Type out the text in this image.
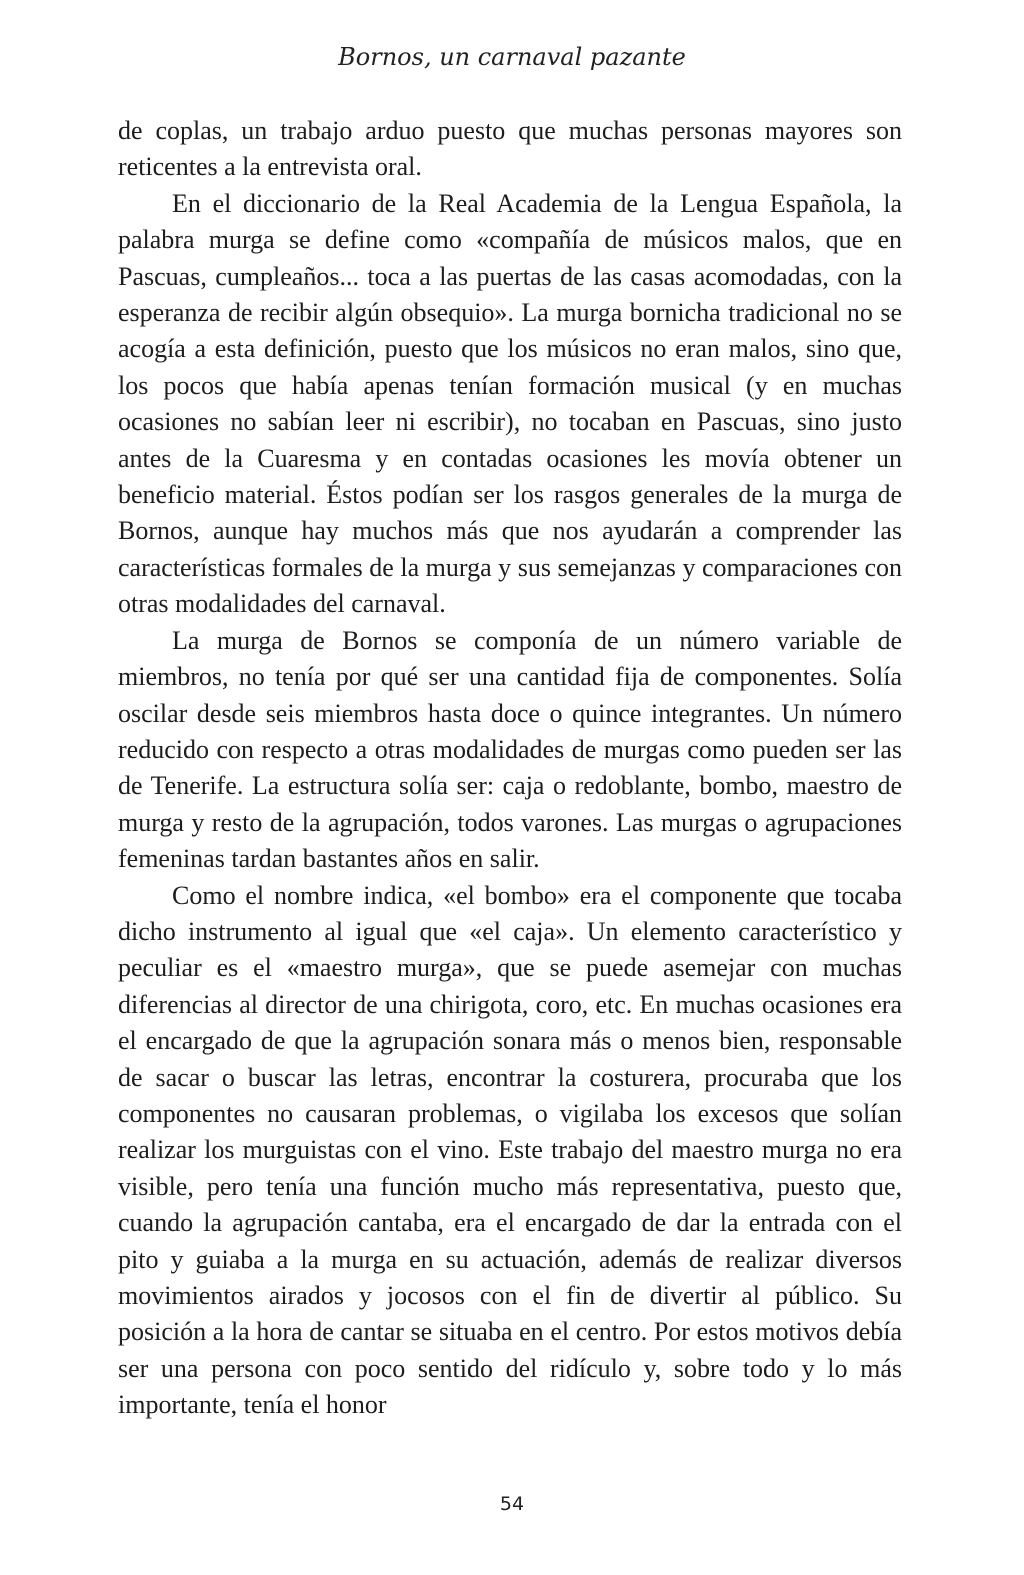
Bornos, un carnaval pazante

de coplas, un trabajo arduo puesto que muchas personas mayores son reticentes a la entrevista oral.

En el diccionario de la Real Academia de la Lengua Española, la palabra murga se define como «compañía de músicos malos, que en Pascuas, cumpleaños... toca a las puertas de las casas acomodadas, con la esperanza de recibir algún obsequio». La murga bornicha tradicional no se acogía a esta definición, puesto que los músicos no eran malos, sino que, los pocos que había apenas tenían formación musical (y en muchas ocasiones no sabían leer ni escribir), no tocaban en Pascuas, sino justo antes de la Cuaresma y en contadas ocasiones les movía obtener un beneficio material. Éstos podían ser los rasgos generales de la murga de Bornos, aunque hay muchos más que nos ayudarán a comprender las características formales de la murga y sus semejanzas y comparaciones con otras modalidades del carnaval.

La murga de Bornos se componía de un número variable de miembros, no tenía por qué ser una cantidad fija de componentes. Solía oscilar desde seis miembros hasta doce o quince integrantes. Un número reducido con respecto a otras modalidades de murgas como pueden ser las de Tenerife. La estructura solía ser: caja o redoblante, bombo, maestro de murga y resto de la agrupación, todos varones. Las murgas o agrupaciones femeninas tardan bastantes años en salir.

Como el nombre indica, «el bombo» era el componente que tocaba dicho instrumento al igual que «el caja». Un elemento característico y peculiar es el «maestro murga», que se puede asemejar con muchas diferencias al director de una chirigota, coro, etc. En muchas ocasiones era el encargado de que la agrupación sonara más o menos bien, responsable de sacar o buscar las letras, encontrar la costurera, procuraba que los componentes no causaran problemas, o vigilaba los excesos que solían realizar los murguistas con el vino. Este trabajo del maestro murga no era visible, pero tenía una función mucho más representativa, puesto que, cuando la agrupación cantaba, era el encargado de dar la entrada con el pito y guiaba a la murga en su actuación, además de realizar diversos movimientos airados y jocosos con el fin de divertir al público. Su posición a la hora de cantar se situaba en el centro. Por estos motivos debía ser una persona con poco sentido del ridículo y, sobre todo y lo más importante, tenía el honor

54
